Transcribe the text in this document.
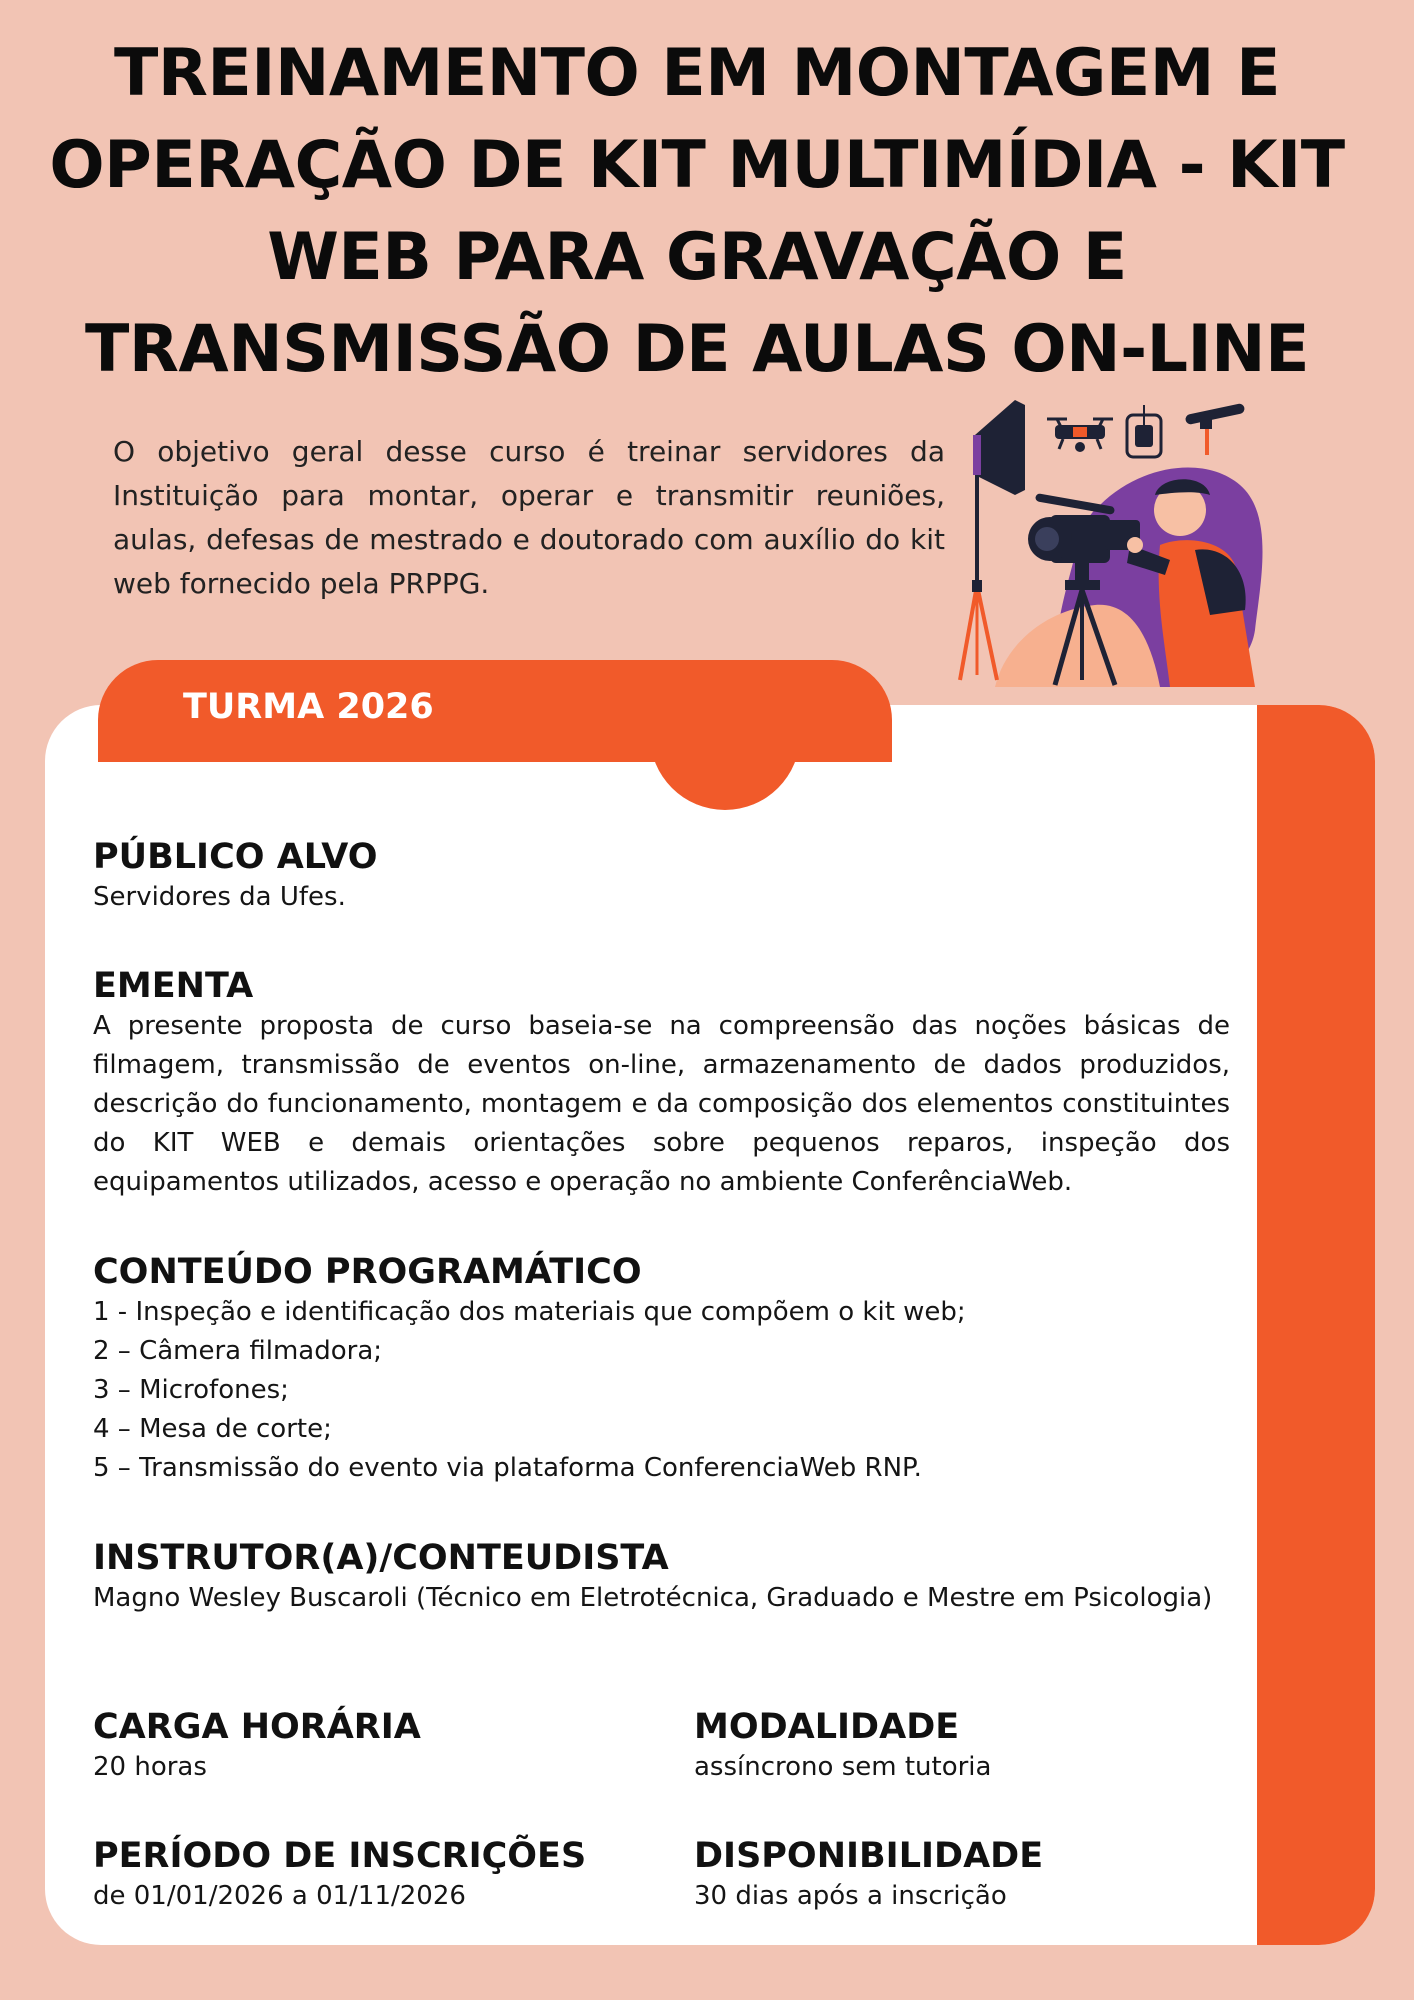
TREINAMENTO EM MONTAGEM E
OPERAÇÃO DE KIT MULTIMÍDIA - KIT
WEB PARA GRAVAÇÃO E
TRANSMISSÃO DE AULAS ON-LINE
O objetivo geral desse curso é treinar servidores da Instituição para montar, operar e transmitir reuniões, aulas, defesas de mestrado e doutorado com auxílio do kit web fornecido pela PRPPG.
TURMA 2026
PÚBLICO ALVO
Servidores da Ufes.
EMENTA
A presente proposta de curso baseia-se na compreensão das noções básicas de filmagem, transmissão de eventos on-line, armazenamento de dados produzidos, descrição do funcionamento, montagem e da composição dos elementos constituintes do KIT WEB e demais orientações sobre pequenos reparos, inspeção dos equipamentos utilizados, acesso e operação no ambiente ConferênciaWeb.
CONTEÚDO PROGRAMÁTICO
1 - Inspeção e identificação dos materiais que compõem o kit web;
2 – Câmera filmadora;
3 – Microfones;
4 – Mesa de corte;
5 – Transmissão do evento via plataforma ConferenciaWeb RNP.
INSTRUTOR(A)/CONTEUDISTA
Magno Wesley Buscaroli (Técnico em Eletrotécnica, Graduado e Mestre em Psicologia)
CARGA HORÁRIA
20 horas
MODALIDADE
assíncrono sem tutoria
PERÍODO DE INSCRIÇÕES
de 01/01/2026 a 01/11/2026
DISPONIBILIDADE
30 dias após a inscrição
